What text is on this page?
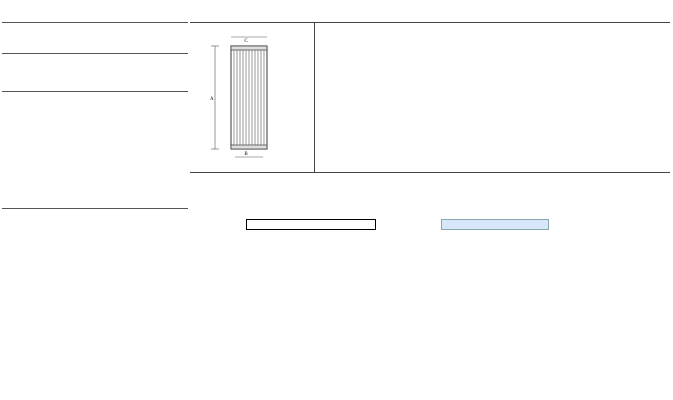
C
A
B
